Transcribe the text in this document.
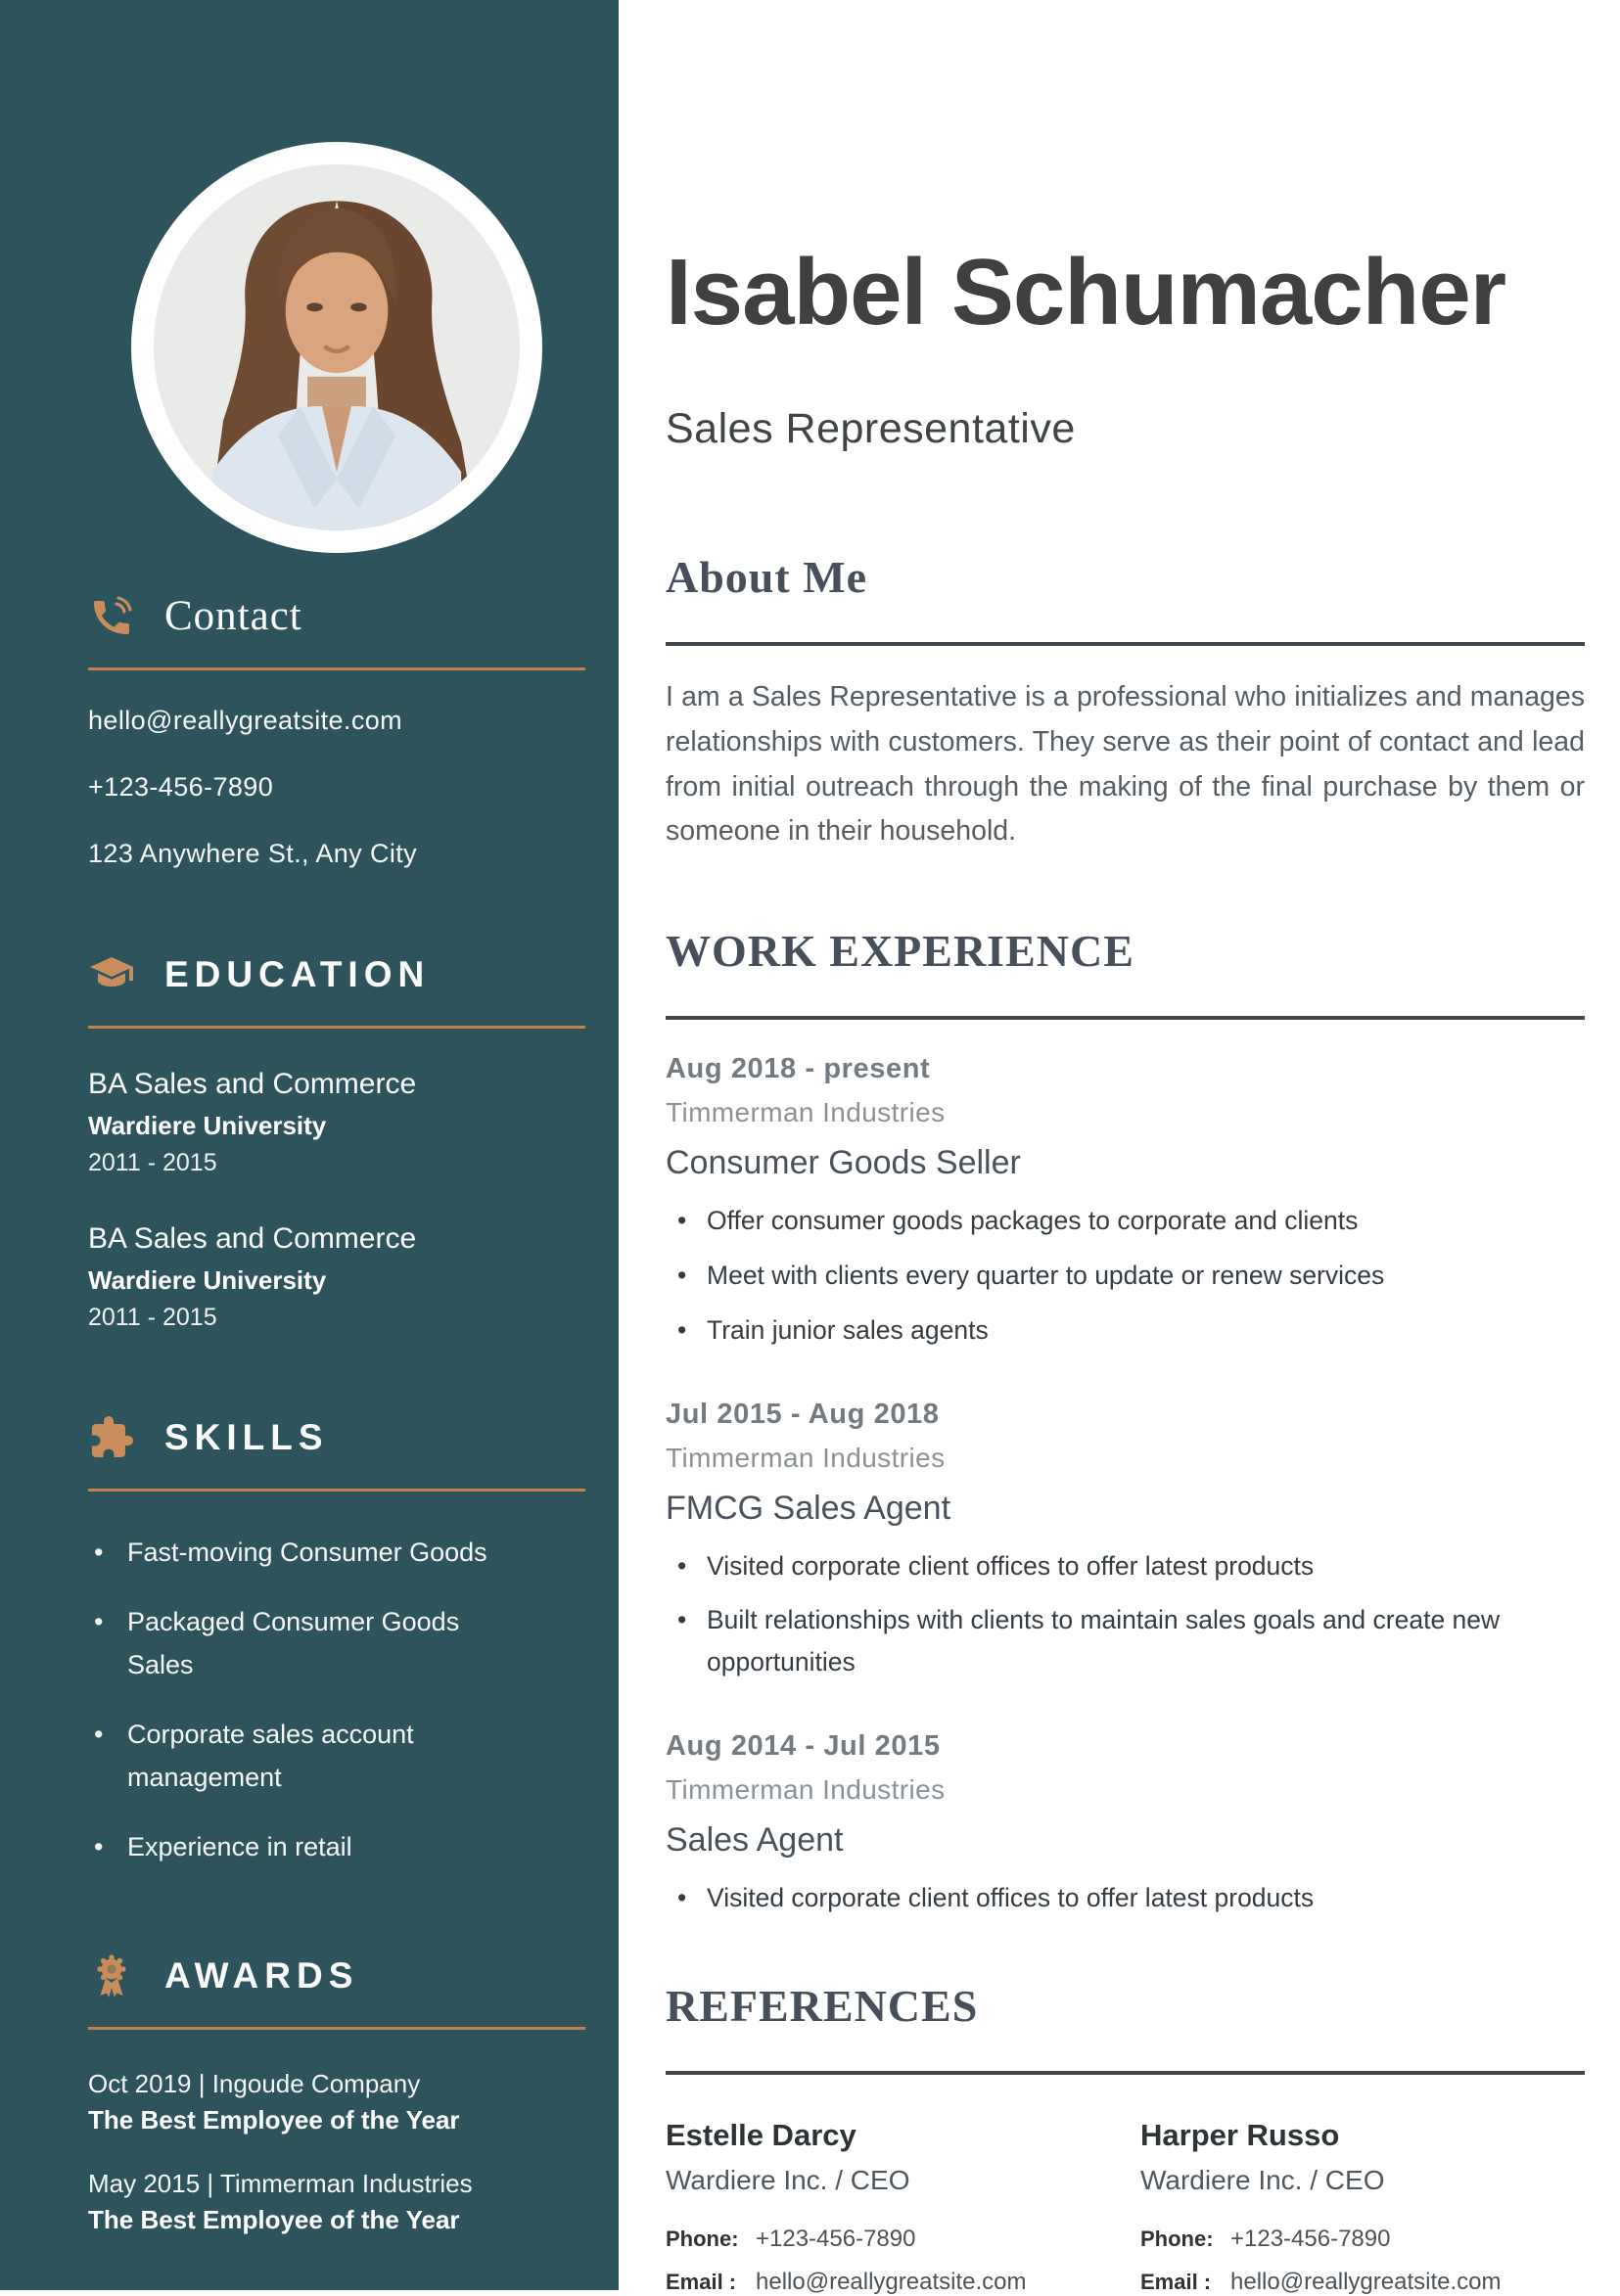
Contact
hello@reallygreatsite.com
+123-456-7890
123 Anywhere St., Any City
EDUCATION
BA Sales and Commerce
Wardiere University
2011 - 2015
BA Sales and Commerce
Wardiere University
2011 - 2015
SKILLS
• Fast-moving Consumer Goods
• Packaged Consumer Goods Sales
• Corporate sales account management
• Experience in retail
AWARDS
Oct 2019 | Ingoude Company
The Best Employee of the Year
May 2015 | Timmerman Industries
The Best Employee of the Year
Isabel Schumacher
Sales Representative
About Me

I am a Sales Representative is a professional who initializes and manages relationships with customers. They serve as their point of contact and lead from initial outreach through the making of the final purchase by them or someone in their household.

WORK EXPERIENCE
Aug 2018 - present
Timmerman Industries
Consumer Goods Seller
• Offer consumer goods packages to corporate and clients
• Meet with clients every quarter to update or renew services
• Train junior sales agents
Jul 2015 - Aug 2018
Timmerman Industries
FMCG Sales Agent
• Visited corporate client offices to offer latest products
• Built relationships with clients to maintain sales goals and create new opportunities
Aug 2014 - Jul 2015
Timmerman Industries
Sales Agent
• Visited corporate client offices to offer latest products
REFERENCES
Estelle Darcy
Wardiere Inc. / CEO
Phone: +123-456-7890
Email : hello@reallygreatsite.com
Harper Russo
Wardiere Inc. / CEO
Phone: +123-456-7890
Email : hello@reallygreatsite.com
